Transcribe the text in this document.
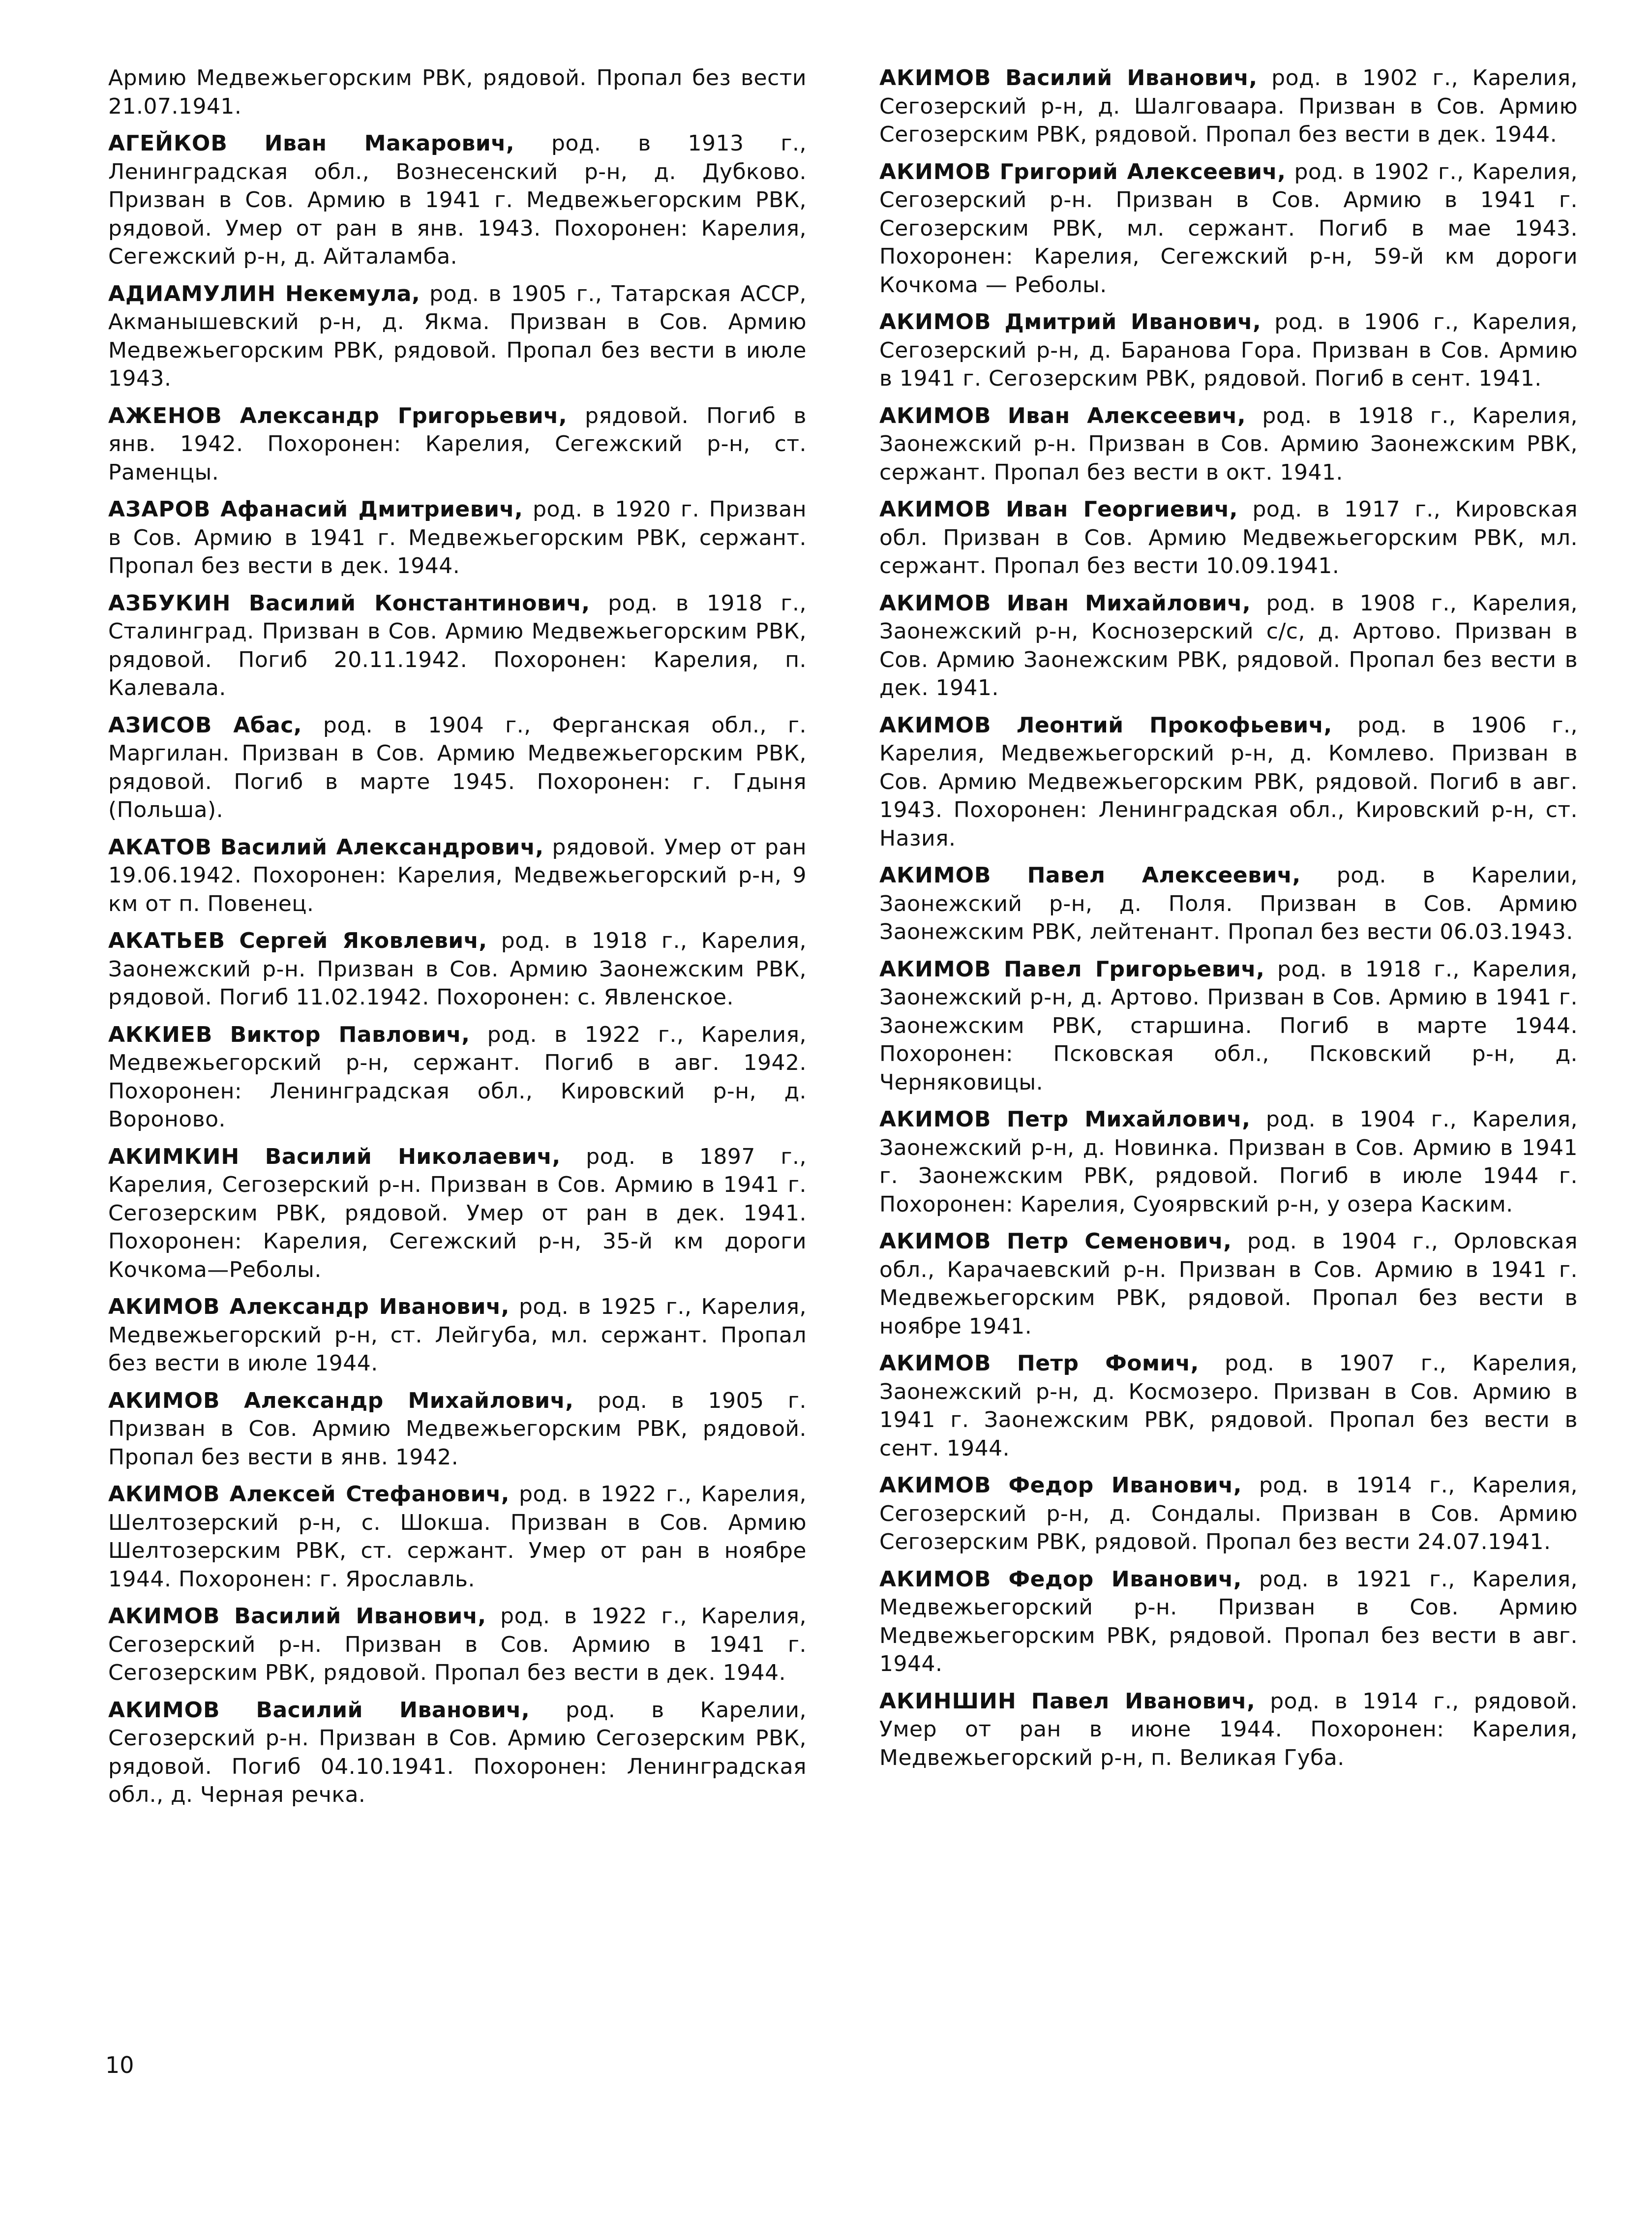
Армию Медвежьегорским РВК, рядовой. Пропал без вести 21.07.1941.

АГЕЙКОВ Иван Макарович, род. в 1913 г., Ленинградская обл., Вознесенский р-н, д. Дубково. Призван в Сов. Армию в 1941 г. Медвежьегорским РВК, рядовой. Умер от ран в янв. 1943. Похоронен: Карелия, Сегежский р-н, д. Айталамба.

АДИАМУЛИН Некемула, род. в 1905 г., Татарская АССР, Акманышевский р-н, д. Якма. Призван в Сов. Армию Медвежьегорским РВК, рядовой. Пропал без вести в июле 1943.

АЖЕНОВ Александр Григорьевич, рядовой. Погиб в янв. 1942. Похоронен: Карелия, Сегежский р-н, ст. Раменцы.

АЗАРОВ Афанасий Дмитриевич, род. в 1920 г. Призван в Сов. Армию в 1941 г. Медвежьегорским РВК, сержант. Пропал без вести в дек. 1944.

АЗБУКИН Василий Константинович, род. в 1918 г., Сталинград. Призван в Сов. Армию Медвежьегорским РВК, рядовой. Погиб 20.11.1942. Похоронен: Карелия, п. Калевала.

АЗИСОВ Абас, род. в 1904 г., Ферганская обл., г. Маргилан. Призван в Сов. Армию Медвежьегорским РВК, рядовой. Погиб в марте 1945. Похоронен: г. Гдыня (Польша).

АКАТОВ Василий Александрович, рядовой. Умер от ран 19.06.1942. Похоронен: Карелия, Медвежьегорский р-н, 9 км от п. Повенец.

АКАТЬЕВ Сергей Яковлевич, род. в 1918 г., Карелия, Заонежский р-н. Призван в Сов. Армию Заонежским РВК, рядовой. Погиб 11.02.1942. Похоронен: с. Явленское.

АККИЕВ Виктор Павлович, род. в 1922 г., Карелия, Медвежьегорский р-н, сержант. Погиб в авг. 1942. Похоронен: Ленинградская обл., Кировский р-н, д. Вороново.

АКИМКИН Василий Николаевич, род. в 1897 г., Карелия, Сегозерский р-н. Призван в Сов. Армию в 1941 г. Сегозерским РВК, рядовой. Умер от ран в дек. 1941. Похоронен: Карелия, Сегежский р-н, 35-й км дороги Кочкома—Реболы.

АКИМОВ Александр Иванович, род. в 1925 г., Карелия, Медвежьегорский р-н, ст. Лейгуба, мл. сержант. Пропал без вести в июле 1944.

АКИМОВ Александр Михайлович, род. в 1905 г. Призван в Сов. Армию Медвежьегорским РВК, рядовой. Пропал без вести в янв. 1942.

АКИМОВ Алексей Стефанович, род. в 1922 г., Карелия, Шелтозерский р-н, с. Шокша. Призван в Сов. Армию Шелтозерским РВК, ст. сержант. Умер от ран в ноябре 1944. Похоронен: г. Ярославль.

АКИМОВ Василий Иванович, род. в 1922 г., Карелия, Сегозерский р-н. Призван в Сов. Армию в 1941 г. Сегозерским РВК, рядовой. Пропал без вести в дек. 1944.

АКИМОВ Василий Иванович, род. в Карелии, Сегозерский р-н. Призван в Сов. Армию Сегозерским РВК, рядовой. Погиб 04.10.1941. Похоронен: Ленинградская обл., д. Черная речка.

АКИМОВ Василий Иванович, род. в 1902 г., Карелия, Сегозерский р-н, д. Шалговаара. Призван в Сов. Армию Сегозерским РВК, рядовой. Пропал без вести в дек. 1944.

АКИМОВ Григорий Алексеевич, род. в 1902 г., Карелия, Сегозерский р-н. Призван в Сов. Армию в 1941 г. Сегозерским РВК, мл. сержант. Погиб в мае 1943. Похоронен: Карелия, Сегежский р-н, 59-й км дороги Кочкома — Реболы.

АКИМОВ Дмитрий Иванович, род. в 1906 г., Карелия, Сегозерский р-н, д. Баранова Гора. Призван в Сов. Армию в 1941 г. Сегозерским РВК, рядовой. Погиб в сент. 1941.

АКИМОВ Иван Алексеевич, род. в 1918 г., Карелия, Заонежский р-н. Призван в Сов. Армию Заонежским РВК, сержант. Пропал без вести в окт. 1941.

АКИМОВ Иван Георгиевич, род. в 1917 г., Кировская обл. Призван в Сов. Армию Медвежьегорским РВК, мл. сержант. Пропал без вести 10.09.1941.

АКИМОВ Иван Михайлович, род. в 1908 г., Карелия, Заонежский р-н, Коснозерский с/с, д. Артово. Призван в Сов. Армию Заонежским РВК, рядовой. Пропал без вести в дек. 1941.

АКИМОВ Леонтий Прокофьевич, род. в 1906 г., Карелия, Медвежьегорский р-н, д. Комлево. Призван в Сов. Армию Медвежьегорским РВК, рядовой. Погиб в авг. 1943. Похоронен: Ленинградская обл., Кировский р-н, ст. Назия.

АКИМОВ Павел Алексеевич, род. в Карелии, Заонежский р-н, д. Поля. Призван в Сов. Армию Заонежским РВК, лейтенант. Пропал без вести 06.03.1943.

АКИМОВ Павел Григорьевич, род. в 1918 г., Карелия, Заонежский р-н, д. Артово. Призван в Сов. Армию в 1941 г. Заонежским РВК, старшина. Погиб в марте 1944. Похоронен: Псковская обл., Псковский р-н, д. Черняковицы.

АКИМОВ Петр Михайлович, род. в 1904 г., Карелия, Заонежский р-н, д. Новинка. Призван в Сов. Армию в 1941 г. Заонежским РВК, рядовой. Погиб в июле 1944 г. Похоронен: Карелия, Суоярвский р-н, у озера Каским.

АКИМОВ Петр Семенович, род. в 1904 г., Орловская обл., Карачаевский р-н. Призван в Сов. Армию в 1941 г. Медвежьегорским РВК, рядовой. Пропал без вести в ноябре 1941.

АКИМОВ Петр Фомич, род. в 1907 г., Карелия, Заонежский р-н, д. Космозеро. Призван в Сов. Армию в 1941 г. Заонежским РВК, рядовой. Пропал без вести в сент. 1944.

АКИМОВ Федор Иванович, род. в 1914 г., Карелия, Сегозерский р-н, д. Сондалы. Призван в Сов. Армию Сегозерским РВК, рядовой. Пропал без вести 24.07.1941.

АКИМОВ Федор Иванович, род. в 1921 г., Карелия, Медвежьегорский р-н. Призван в Сов. Армию Медвежьегорским РВК, рядовой. Пропал без вести в авг. 1944.

АКИНШИН Павел Иванович, род. в 1914 г., рядовой. Умер от ран в июне 1944. Похоронен: Карелия, Медвежьегорский р-н, п. Великая Губа.

10
